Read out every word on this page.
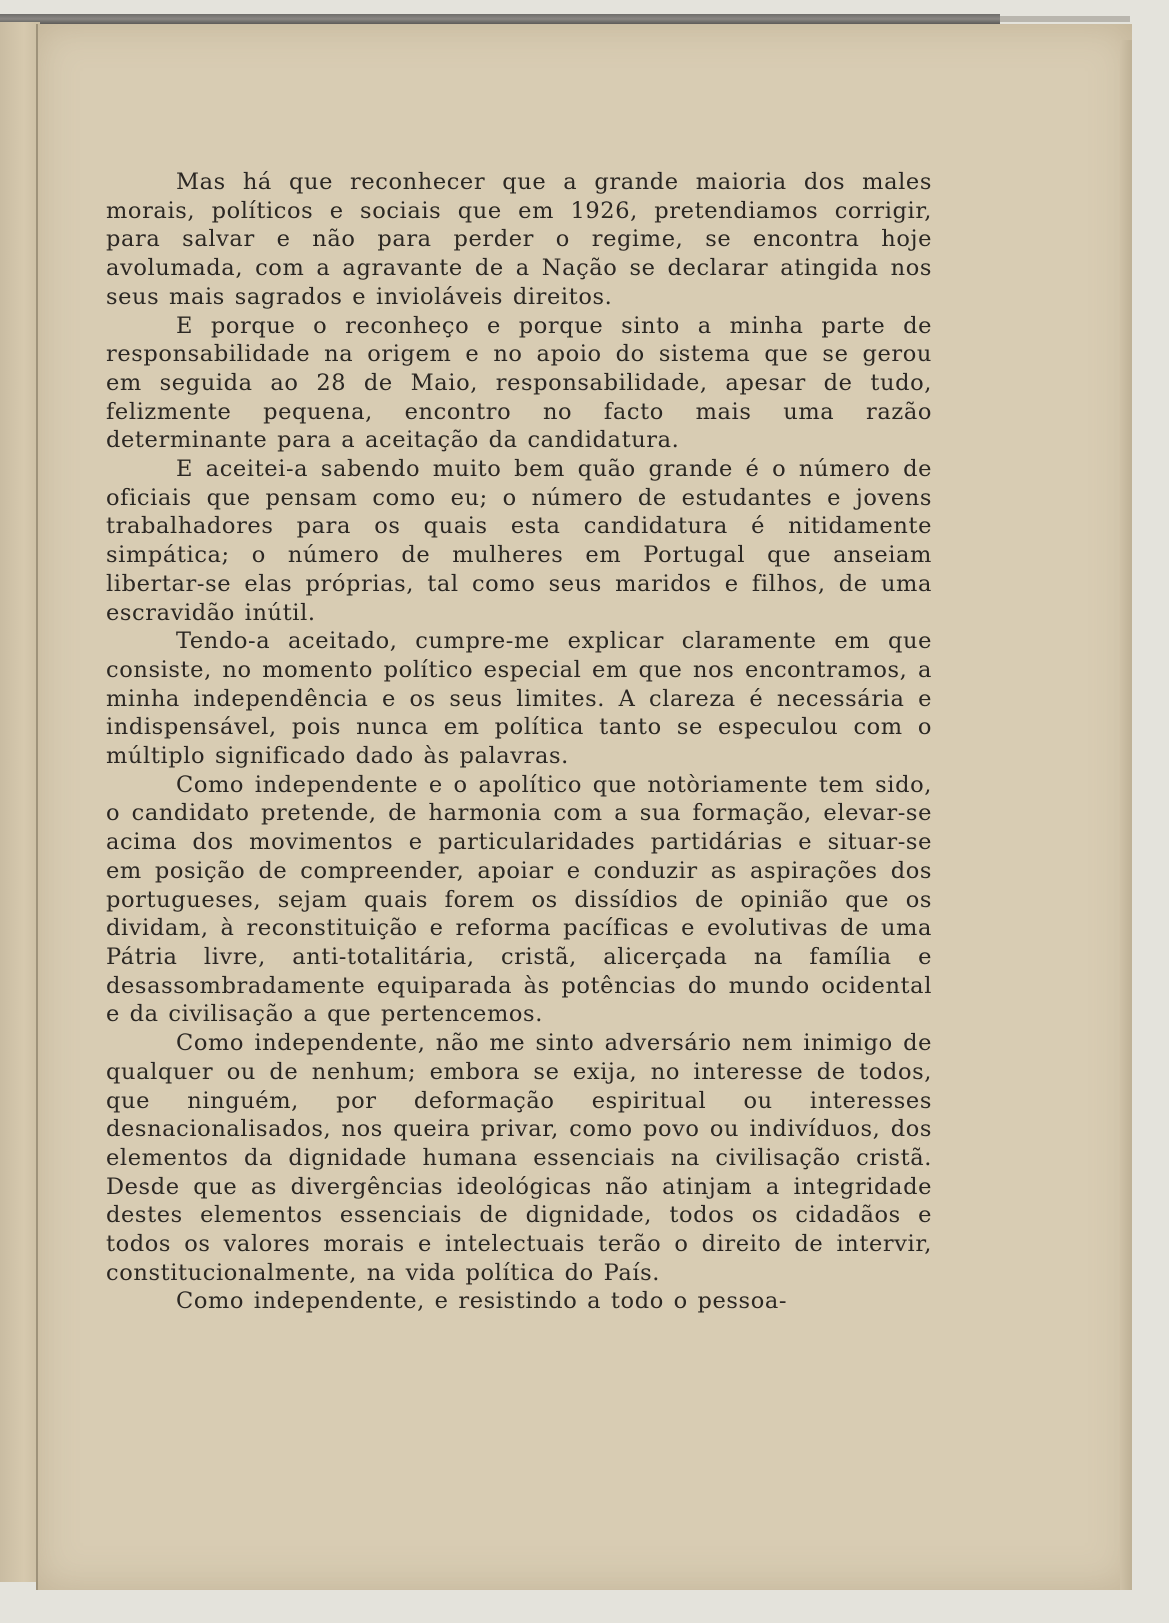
Mas há que reconhecer que a grande maioria dos males morais, políticos e sociais que em 1926, pretendiamos corrigir, para salvar e não para perder o regime, se encontra hoje avolumada, com a agravante de a Nação se declarar atingida nos seus mais sagrados e invioláveis direitos.

E porque o reconheço e porque sinto a minha parte de responsabilidade na origem e no apoio do sistema que se gerou em seguida ao 28 de Maio, responsabilidade, apesar de tudo, felizmente pequena, encontro no facto mais uma razão determinante para a aceitação da candidatura.

E aceitei-a sabendo muito bem quão grande é o número de oficiais que pensam como eu; o número de estudantes e jovens trabalhadores para os quais esta candidatura é nitidamente simpática; o número de mulheres em Portugal que anseiam libertar-se elas próprias, tal como seus maridos e filhos, de uma escravidão inútil.

Tendo-a aceitado, cumpre-me explicar claramente em que consiste, no momento político especial em que nos encontramos, a minha independência e os seus limites. A clareza é necessária e indispensável, pois nunca em política tanto se especulou com o múltiplo significado dado às palavras.

Como independente e o apolítico que notòriamente tem sido, o candidato pretende, de harmonia com a sua formação, elevar-se acima dos movimentos e particularidades partidárias e situar-se em posição de compreender, apoiar e conduzir as aspirações dos portugueses, sejam quais forem os dissídios de opinião que os dividam, à reconstituição e reforma pacíficas e evolutivas de uma Pátria livre, anti-totalitária, cristã, alicerçada na família e desassombradamente equiparada às potências do mundo ocidental e da civilisação a que pertencemos.

Como independente, não me sinto adversário nem inimigo de qualquer ou de nenhum; embora se exija, no interesse de todos, que ninguém, por deformação espiritual ou interesses desnacionalisados, nos queira privar, como povo ou indivíduos, dos elementos da dignidade humana essenciais na civilisação cristã. Desde que as divergências ideológicas não atinjam a integridade destes elementos essenciais de dignidade, todos os cidadãos e todos os valores morais e intelectuais terão o direito de intervir, constitucionalmente, na vida política do País.

Como independente, e resistindo a todo o pessoa-
